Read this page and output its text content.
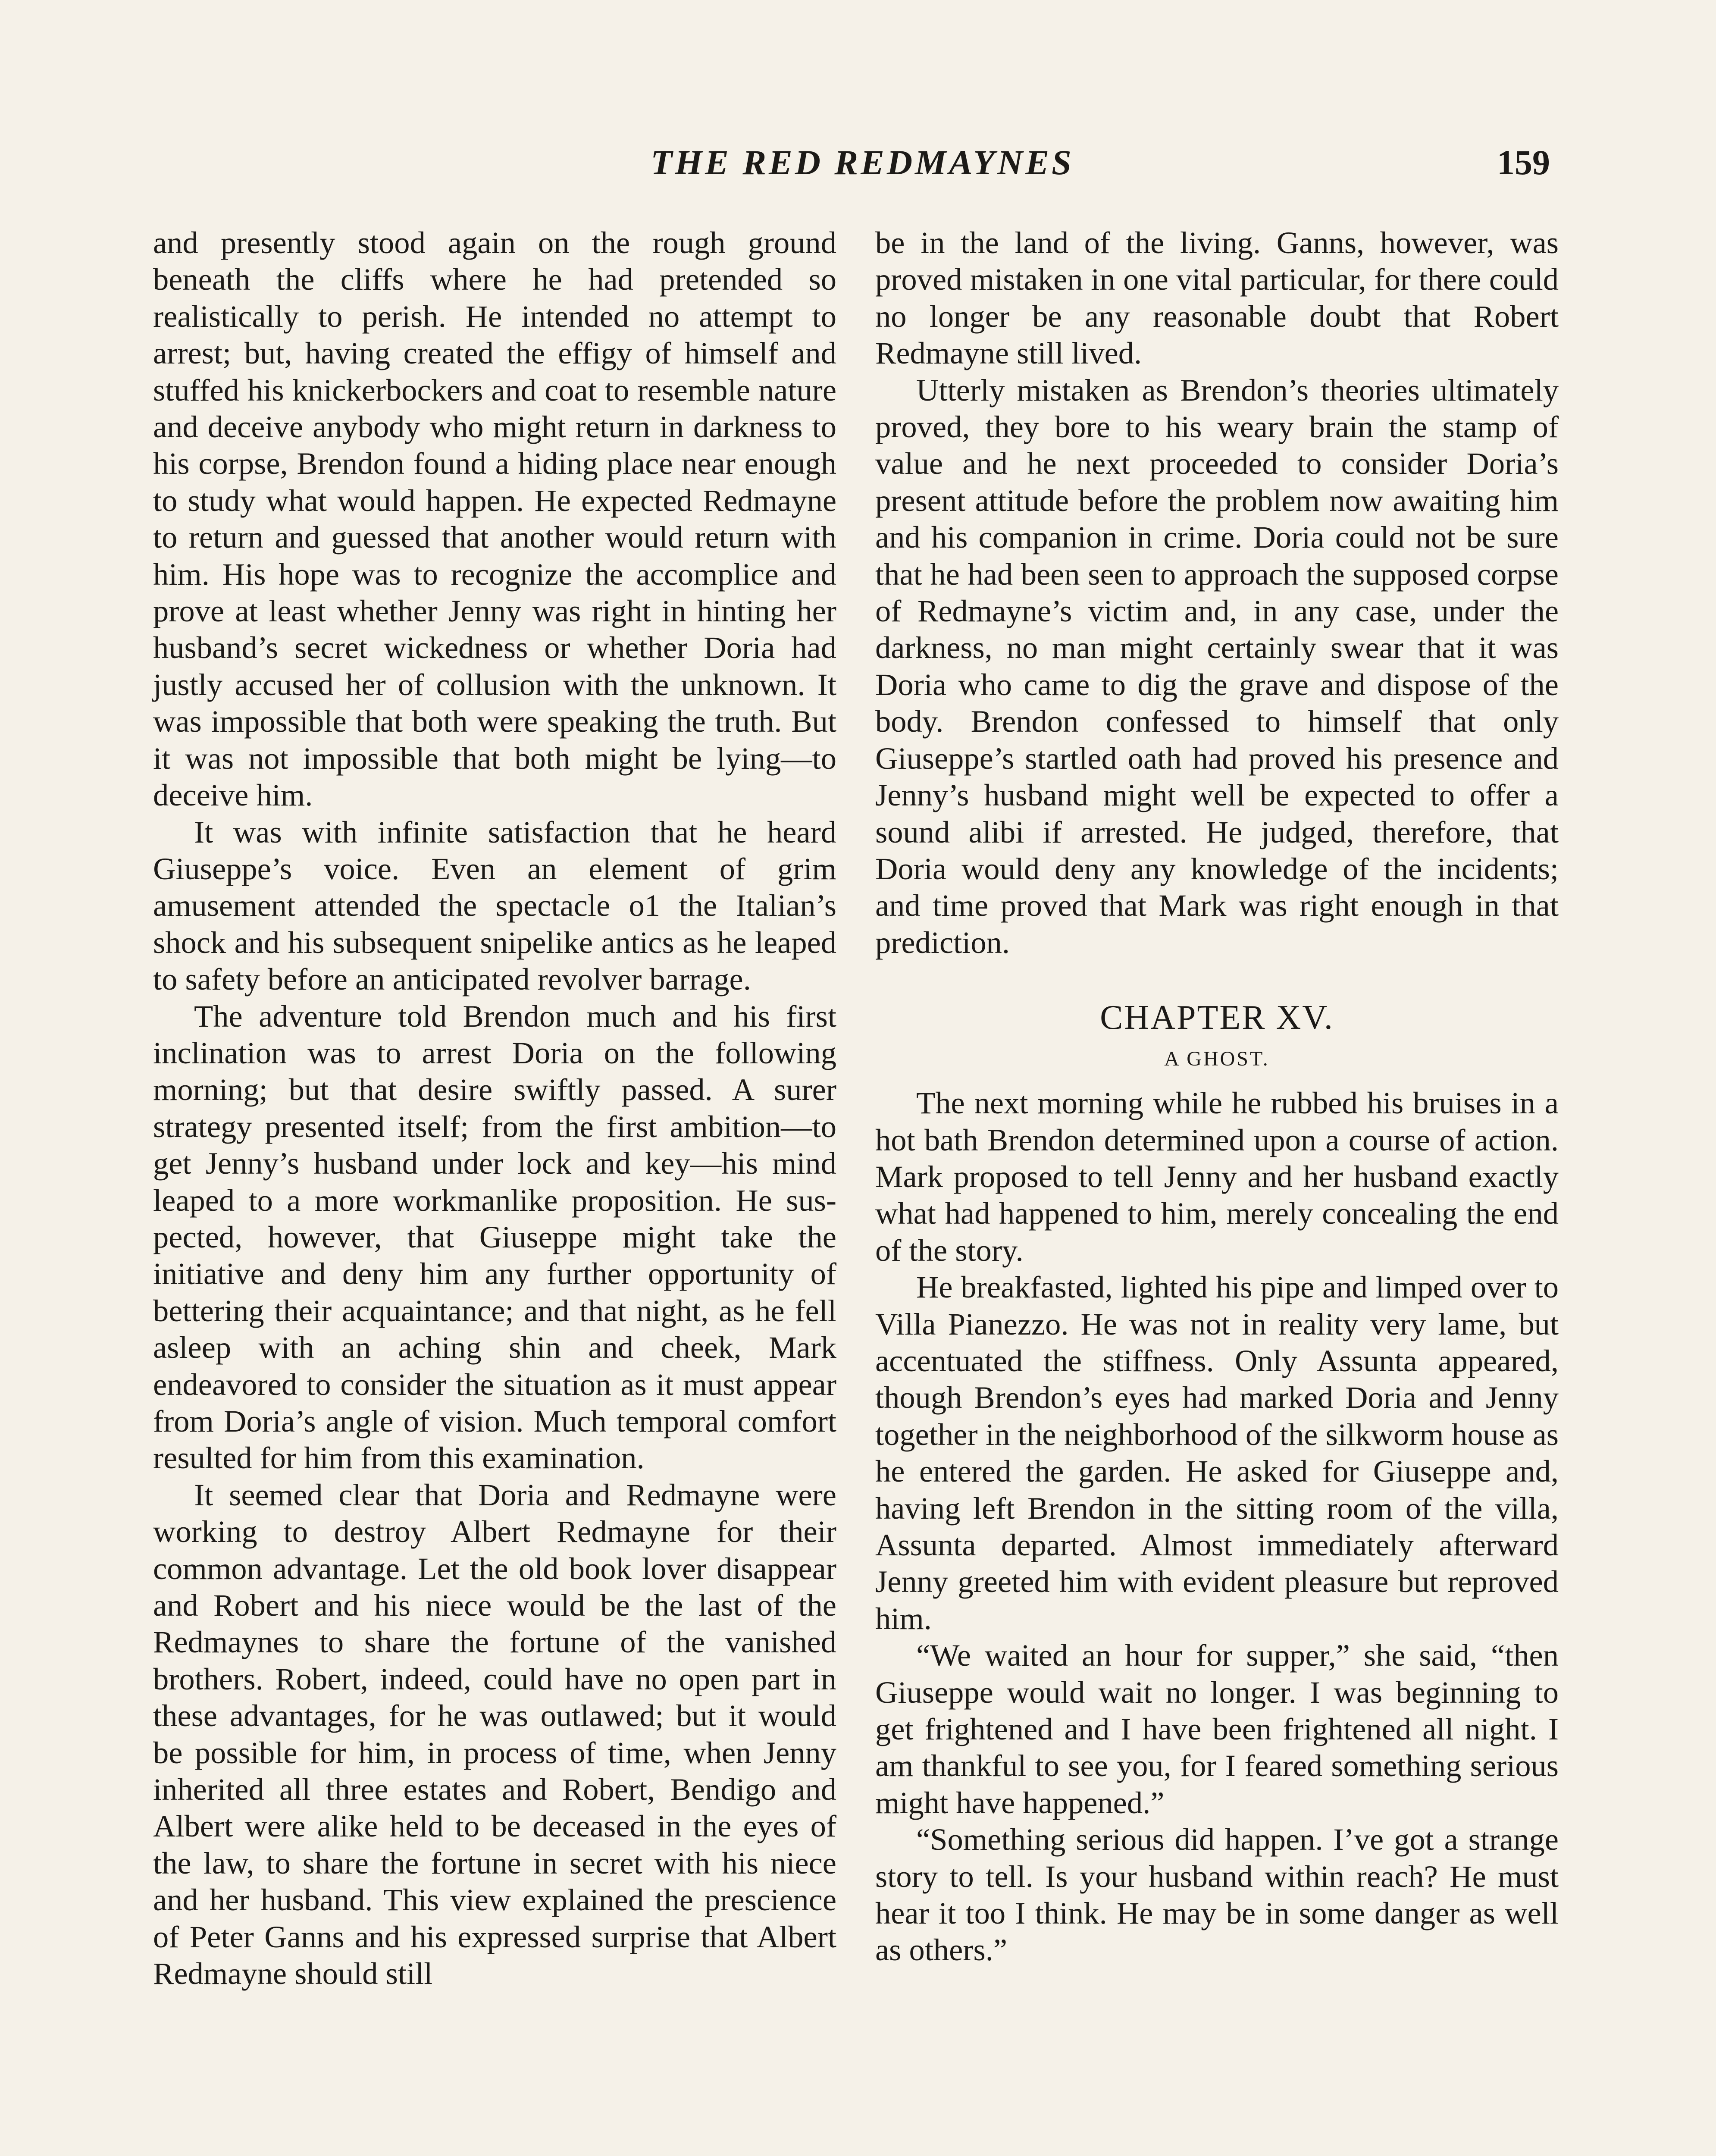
THE RED REDMAYNES	159

and presently stood again on the rough ground beneath the cliffs where he had pretended so realistically to perish. He intended no attempt to arrest; but, having created the effigy of himself and stuffed his knickerbockers and coat to resemble nature and deceive anybody who might return in darkness to his corpse, Brendon found a hiding place near enough to study what would happen. He expected Redmayne to return and guessed that another would return with him. His hope was to recognize the accomplice and prove at least whether Jenny was right in hinting her husband’s secret wickedness or whether Doria had justly accused her of collusion with the unknown. It was impossible that both were speaking the truth. But it was not impossible that both might be lying—to deceive him.

It was with infinite satisfaction that he heard Giuseppe’s voice. Even an element of grim amusement attended the spectacle o1 the Italian’s shock and his subsequent snipelike antics as he leaped to safety before an anticipated revolver barrage.

The adventure told Brendon much and his first inclination was to arrest Doria on the following morning; but that desire swiftly passed. A surer strategy presented itself; from the first ambition—to get Jenny’s husband under lock and key—his mind leaped to a more workmanlike proposition. He suspected, however, that Giuseppe might take the initiative and deny him any further opportunity of bettering their acquaintance; and that night, as he fell asleep with an aching shin and cheek, Mark endeavored to consider the situation as it must appear from Doria’s angle of vision. Much temporal comfort resulted for him from this examination.

It seemed clear that Doria and Redmayne were working to destroy Albert Redmayne for their common advantage. Let the old book lover disappear and Robert and his niece would be the last of the Redmaynes to share the fortune of the vanished brothers. Robert, indeed, could have no open part in these advantages, for he was outlawed; but it would be possible for him, in process of time, when Jenny inherited all three estates and Robert, Bendigo and Albert were alike held to be deceased in the eyes of the law, to share the fortune in secret with his niece and her husband. This view explained the prescience of Peter Ganns and his expressed surprise that Albert Redmayne should still

be in the land of the living. Ganns, however, was proved mistaken in one vital particular, for there could no longer be any reasonable doubt that Robert Redmayne still lived.

Utterly mistaken as Brendon’s theories ultimately proved, they bore to his weary brain the stamp of value and he next proceeded to consider Doria’s present attitude before the problem now awaiting him and his companion in crime. Doria could not be sure that he had been seen to approach the supposed corpse of Redmayne’s victim and, in any case, under the darkness, no man might certainly swear that it was Doria who came to dig the grave and dispose of the body. Brendon confessed to himself that only Giuseppe’s startled oath had proved his presence and Jenny’s husband might well be expected to offer a sound alibi if arrested. He judged, therefore, that Doria would deny any knowledge of the incidents; and time proved that Mark was right enough in that prediction.

CHAPTER XV.
A GHOST.

The next morning while he rubbed his bruises in a hot bath Brendon determined upon a course of action. Mark proposed to tell Jenny and her husband exactly what had happened to him, merely concealing the end of the story.

He breakfasted, lighted his pipe and limped over to Villa Pianezzo. He was not in reality very lame, but accentuated the stiffness. Only Assunta appeared, though Brendon’s eyes had marked Doria and Jenny together in the neighborhood of the silkworm house as he entered the garden. He asked for Giuseppe and, having left Brendon in the sitting room of the villa, Assunta departed. Almost immediately afterward Jenny greeted him with evident pleasure but reproved him.

“We waited an hour for supper,” she said, “then Giuseppe would wait no longer. I was beginning to get frightened and I have been frightened all night. I am thankful to see you, for I feared something serious might have happened.”

“Something serious did happen. I’ve got a strange story to tell. Is your husband within reach? He must hear it too I think. He may be in some danger as well as others.”
